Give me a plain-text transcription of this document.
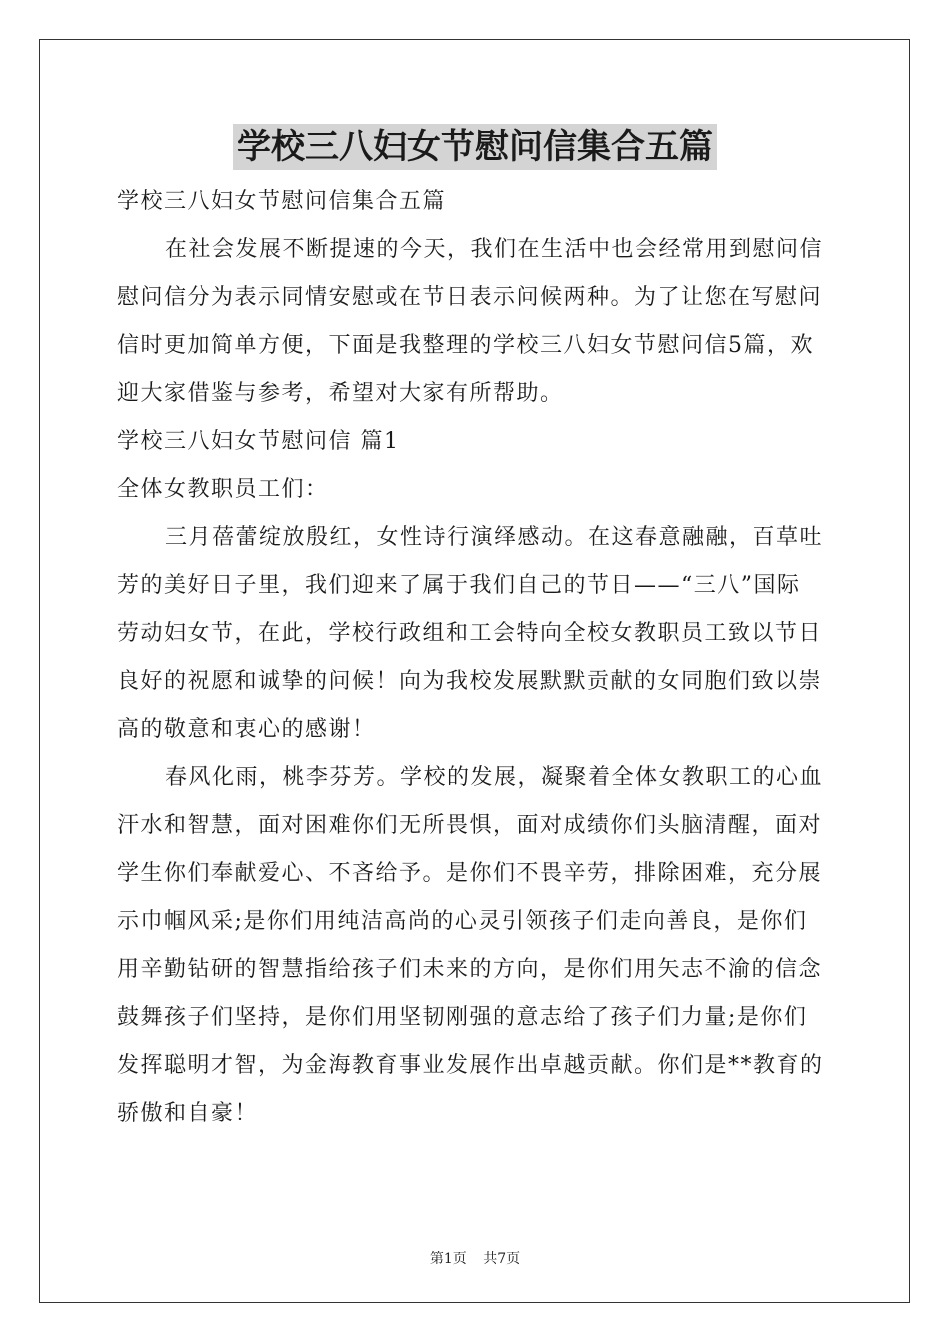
学校三八妇女节慰问信集合五篇
学校三八妇女节慰问信集合五篇
在社会发展不断提速的今天，我们在生活中也会经常用到慰问信
慰问信分为表示同情安慰或在节日表示问候两种。为了让您在写慰问
信时更加简单方便，下面是我整理的学校三八妇女节慰问信5篇，欢
迎大家借鉴与参考，希望对大家有所帮助。
学校三八妇女节慰问信 篇1
全体女教职员工们：
三月蓓蕾绽放殷红，女性诗行演绎感动。在这春意融融，百草吐
芳的美好日子里，我们迎来了属于我们自己的节日——“三八”国际
劳动妇女节，在此，学校行政组和工会特向全校女教职员工致以节日
良好的祝愿和诚挚的问候！向为我校发展默默贡献的女同胞们致以崇
高的敬意和衷心的感谢！
春风化雨，桃李芬芳。学校的发展，凝聚着全体女教职工的心血
汗水和智慧，面对困难你们无所畏惧，面对成绩你们头脑清醒，面对
学生你们奉献爱心、不吝给予。是你们不畏辛劳，排除困难，充分展
示巾帼风采;是你们用纯洁高尚的心灵引领孩子们走向善良，是你们
用辛勤钻研的智慧指给孩子们未来的方向，是你们用矢志不渝的信念
鼓舞孩子们坚持，是你们用坚韧刚强的意志给了孩子们力量;是你们
发挥聪明才智，为金海教育事业发展作出卓越贡献。你们是**教育的
骄傲和自豪！
第1页 共7页
